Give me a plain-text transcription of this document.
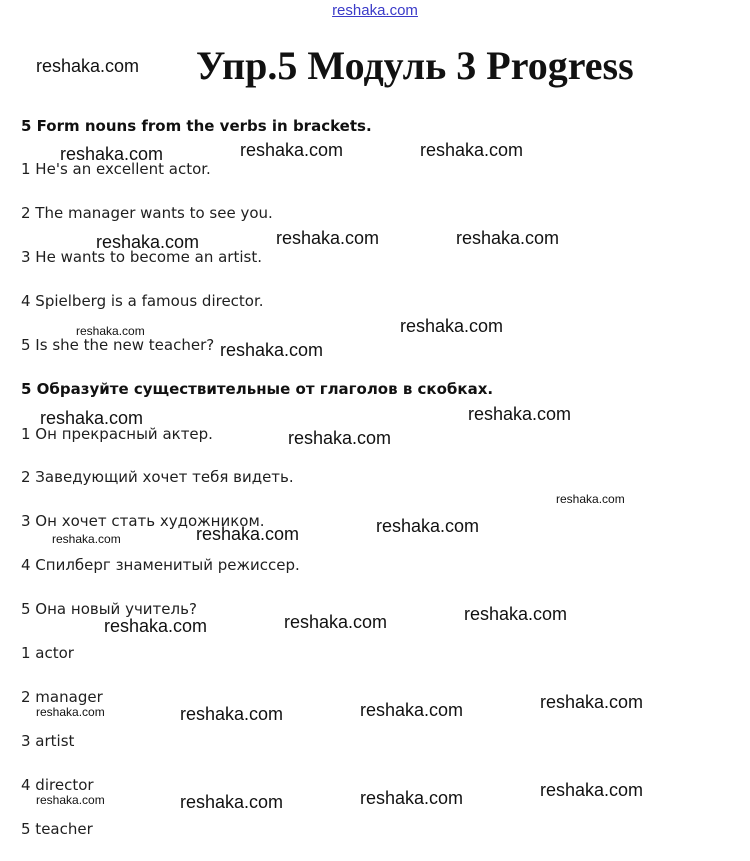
reshaka.com
Упр.5 Модуль 3 Progress
5 Form nouns from the verbs in brackets.
1 He's an excellent actor.
2 The manager wants to see you.
3 He wants to become an artist.
4 Spielberg is a famous director.
5 Is she the new teacher?
5 Образуйте существительные от глаголов в скобках.
1 Он прекрасный актер.
2 Заведующий хочет тебя видеть.
3 Он хочет стать художником.
4 Спилберг знаменитый режиссер.
5 Она новый учитель?
1 actor
2 manager
3 artist
4 director
5 teacher
reshaka.com
reshaka.com	reshaka.com	reshaka.com
reshaka.com	reshaka.com	reshaka.com
reshaka.com	reshaka.com
reshaka.com
reshaka.com	reshaka.com
reshaka.com
reshaka.com
reshaka.com
reshaka.com
reshaka.com
reshaka.com
reshaka.com
reshaka.com
reshaka.com
reshaka.com
reshaka.com	reshaka.com
reshaka.com
reshaka.com
reshaka.com	reshaka.com
